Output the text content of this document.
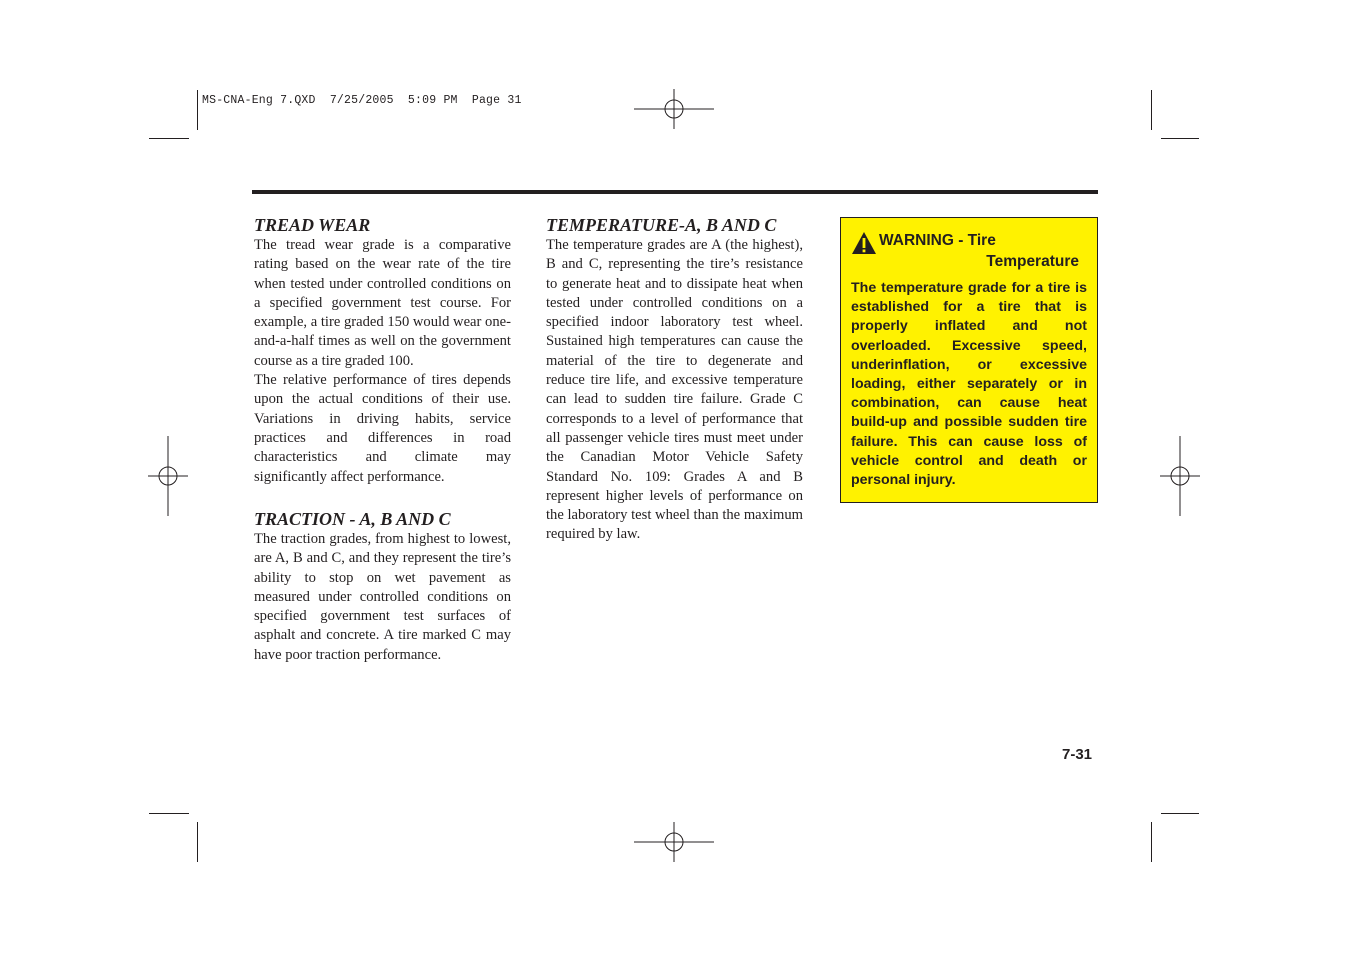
MS-CNA-Eng 7.QXD  7/25/2005  5:09 PM  Page 31
TREAD WEAR

The tread wear grade is a comparative rating based on the wear rate of the tire when tested under controlled conditions on a specified government test course. For example, a tire graded 150 would wear one-and-a-half times as well on the government course as a tire graded 100.

The relative performance of tires depends upon the actual conditions of their use. Variations in driving habits, service practices and differences in road characteristics and climate may significantly affect performance.

TRACTION - A, B AND C

The traction grades, from highest to lowest, are A, B and C, and they represent the tire’s ability to stop on wet pavement as measured under controlled conditions on specified government test surfaces of asphalt and concrete. A tire marked C may have poor traction performance.

TEMPERATURE-A, B AND C

The temperature grades are A (the highest), B and C, representing the tire’s resistance to generate heat and to dissipate heat when tested under controlled conditions on a specified indoor laboratory test wheel. Sustained high temperatures can cause the material of the tire to degenerate and reduce tire life, and excessive temperature can lead to sudden tire failure. Grade C corresponds to a level of performance that all passenger vehicle tires must meet under the Canadian Motor Vehicle Safety Standard No. 109: Grades A and B represent higher levels of performance on the laboratory test wheel than the maximum required by law.

WARNING - Tire
Temperature

The temperature grade for a tire is established for a tire that is properly inflated and not overloaded. Excessive speed, underinflation, or excessive loading, either separately or in combination, can cause heat build-up and possible sudden tire failure. This can cause loss of vehicle control and death or personal injury.

7-31
